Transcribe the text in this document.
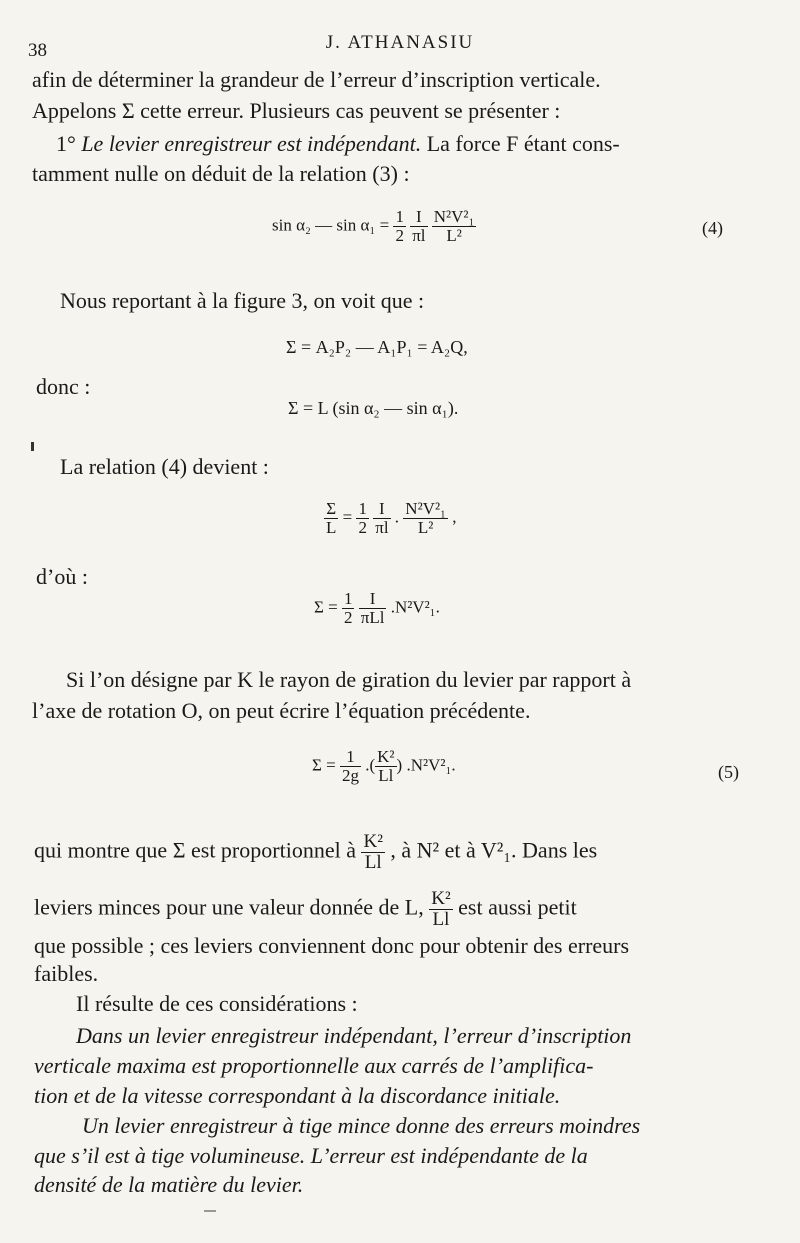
38	J. ATHANASIU
afin de déterminer la grandeur de l’erreur d’inscription verticale.
Appelons Σ cette erreur. Plusieurs cas peuvent se présenter :
1° Le levier enregistreur est indépendant. La force F étant cons-
tamment nulle on déduit de la relation (3) :
sin α₂ — $\sin \alpha_1 = \frac{1}{2}$
$\frac{I}{\pi l}$
$\frac{\text{N²V²₁}}{\text{L²}}$	(4)
Nous reportant à la figure 3, on voit que :
Σ = A₂P₂ — A₁P₁ = A₂Q,
donc :
Σ = L (sin α₂ — sin α₁).
La relation (4) devient :
$\frac{\Sigma}{L} = \frac{1}{2}$
$\frac{I}{\pi l}$ . $\frac{\text{N²V²₁}}{\text{L²}}$ ,
d’où :
$\Sigma = \frac{1}{2}$
$\frac{I}{\text{πLl}} .N^2V^2_1$.
Si l’on désigne par K le rayon de giration du levier par rapport à
l’axe de rotation O, on peut écrire l’équation précédente.
$\Sigma = \frac{1}{2g}$ .( $\frac{\text{K²}}{Ll}$ ) .N²V²₁.	(5)
qui montre que Σ est proportionnel à $\frac{\text{K²}}{Ll}$ , à N² et à V²₁. Dans les
leviers minces pour une valeur donnée de L, $\frac{\text{K²}}{Ll}$ est aussi petit
que possible ; ces leviers conviennent donc pour obtenir des erreurs
faibles.
Il résulte de ces considérations :
Dans un levier enregistreur indépendant, l’erreur d’inscription
verticale maxima est proportionnelle aux carrés de l’amplifica-
tion et de la vitesse correspondant à la discordance initiale.
Un levier enregistreur à tige mince donne des erreurs moindres
que s’il est à tige volumineuse. L’erreur est indépendante de la
densité de la matière du levier.
